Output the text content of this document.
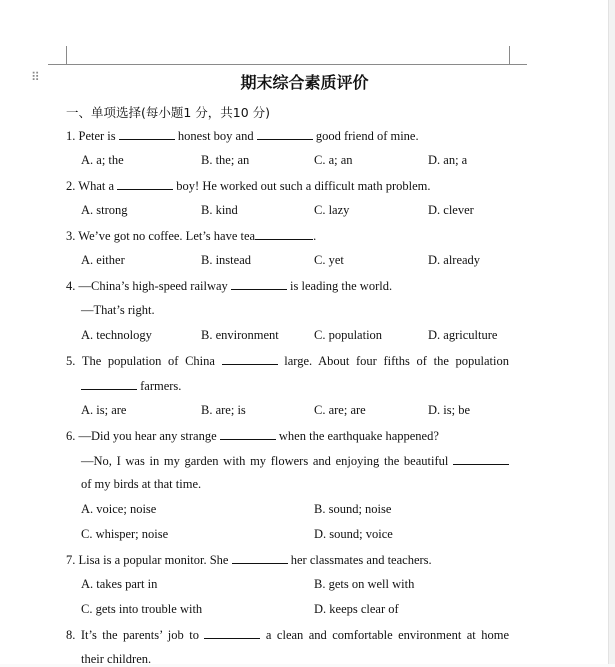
⠿	期末综合素质评价
一、单项选择(每小题1 分，共10 分)
1. Peter is	honest boy and	good friend of mine.
A. a; the	B. the; an	C. a; an	D. an; a
2. What a	boy! He worked out such a difficult math problem.
A. strong	B. kind	C. lazy	D. clever
3. We’ve got no coffee. Let’s have tea	.
A. either	B. instead	C. yet	D. already
4. —China’s high-speed railway	is leading the world.
—That’s right.
A. technology	B. environment	C. population	D. agriculture
5. The population of China	large. About four fifths of the population
farmers.
A. is; are	B. are; is	C. are; are	D. is; be
6. —Did you hear any strange	when the earthquake happened?
—No, I was in my garden with my flowers and enjoying the beautiful
of my birds at that time.
A. voice; noise	B. sound; noise
C. whisper; noise	D. sound; voice
7. Lisa is a popular monitor. She	her classmates and teachers.
A. takes part in	B. gets on well with
C. gets into trouble with	D. keeps clear of
8. It’s the parents’ job to	a clean and comfortable environment at home
their children.
